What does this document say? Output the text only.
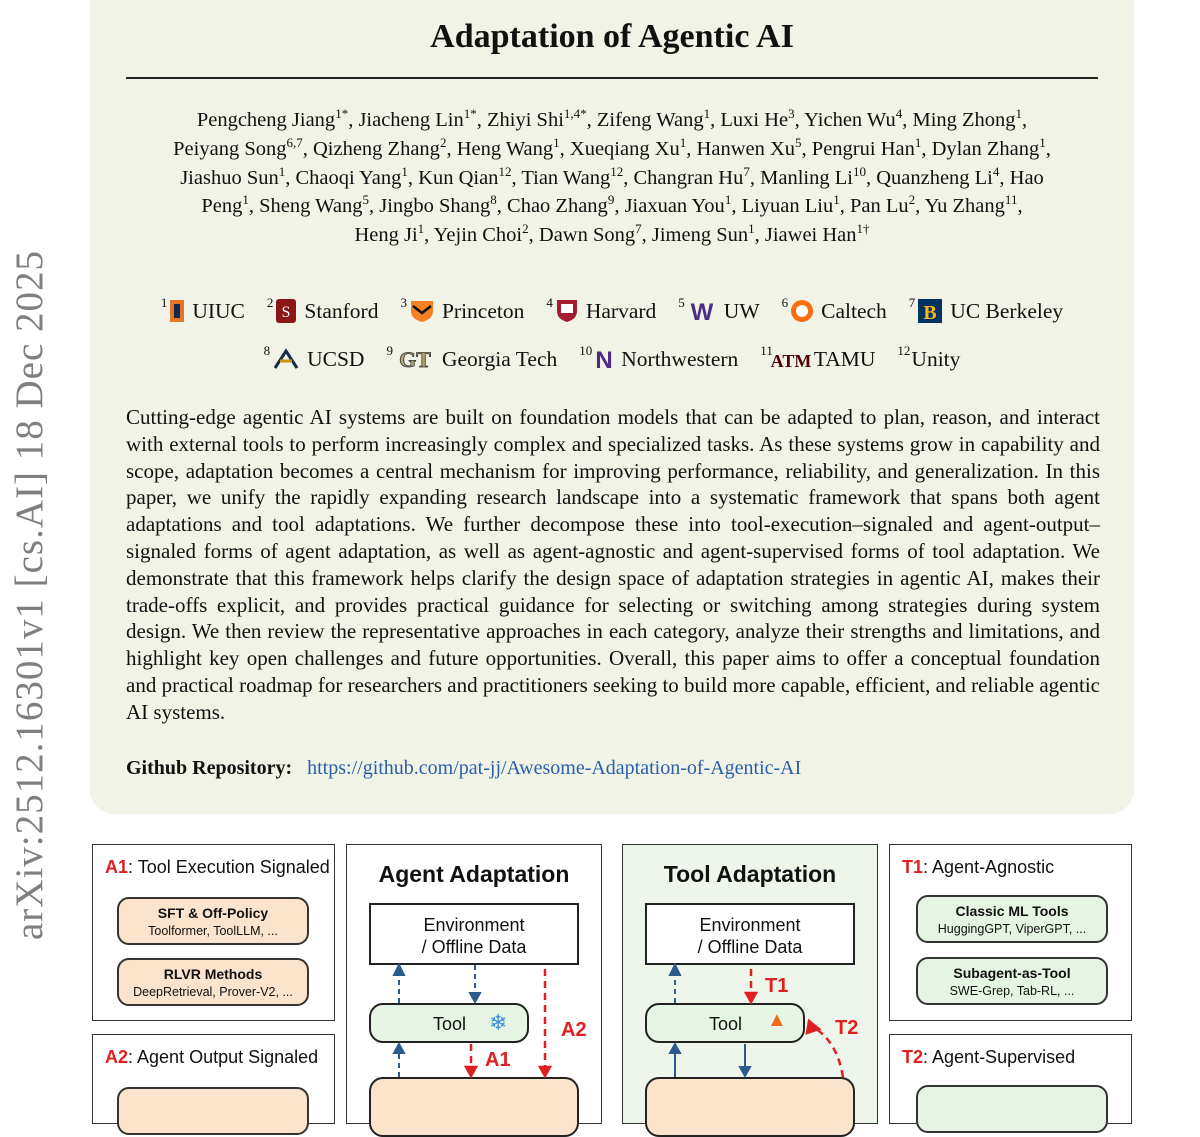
arXiv:2512.16301v1 [cs.AI] 18 Dec 2025
Adaptation of Agentic AI
Pengcheng Jiang$^{1*}$, Jiacheng Lin$^{1*}$, Zhiyi Shi$^{1,4*}$, Zifeng Wang$^1$, Luxi He$^3$, Yichen Wu$^4$, Ming Zhong$^1$,
Peiyang Song$^{6,7}$, Qizheng Zhang$^2$, Heng Wang$^1$, Xueqiang Xu$^1$, Hanwen Xu$^5$, Pengrui Han$^1$, Dylan Zhang$^1$,
Jiashuo Sun$^1$, Chaoqi Yang$^1$, Kun Qian$^{12}$, Tian Wang$^{12}$, Changran Hu$^7$, Manling Li$^{10}$, Quanzheng Li$^4$, Hao
Peng$^1$, Sheng Wang$^5$, Jingbo Shang$^8$, Chao Zhang$^9$, Jiaxuan You$^1$, Liyuan Liu$^1$, Pan Lu$^2$, Yu Zhang$^{11}$,
Heng Ji$^1$, Yejin Choi$^2$, Dawn Song$^7$, Jimeng Sun$^1$, Jiawei Han$^{1\dagger}$
$^1$ UIUC $^2$
S Stanford $^3$ Princeton $^4$ Harvard $^5$ W UW $^6$ Caltech $^7$ B UC Berkeley
$^8$ UCSD $^9$ GT Georgia Tech $^{10}$ N Northwestern $^{11}$
ATM TAMU $^{12}$ Unity
Cutting-edge agentic AI systems are built on foundation models that can be adapted to plan, reason, and interact with external tools to perform increasingly complex and specialized tasks. As these systems grow in capability and scope, adaptation becomes a central mechanism for improving performance, reliability, and generalization. In this paper, we unify the rapidly expanding research landscape into a systematic framework that spans both agent adaptations and tool adaptations. We further decompose these into tool-execution–signaled and agent-output–signaled forms of agent adaptation, as well as agent-agnostic and agent-supervised forms of tool adaptation. We demonstrate that this framework helps clarify the design space of adaptation strategies in agentic AI, makes their trade-offs explicit, and provides practical guidance for selecting or switching among strategies during system design. We then review the representative approaches in each category, analyze their strengths and limitations, and highlight key open challenges and future opportunities. Overall, this paper aims to offer a conceptual foundation and practical roadmap for researchers and practitioners seeking to build more capable, efficient, and reliable agentic AI systems.
Github Repository: https://github.com/pat-jj/Awesome-Adaptation-of-Agentic-AI
A1: Tool Execution Signaled
SFT & Off-Policy
Toolformer, ToolLLM, ...
RLVR Methods
DeepRetrieval, Prover-V2, ...
A2: Agent Output Signaled
Agent Adaptation
Environment
/ Offline Data
Tool ❄
A1
A2
Tool Adaptation
Environment
/ Offline Data
Tool ▲
T1
T2
T1: Agent-Agnostic
Classic ML Tools
HuggingGPT, ViperGPT, ...
Subagent-as-Tool
SWE-Grep, Tab-RL, ...
T2: Agent-Supervised
